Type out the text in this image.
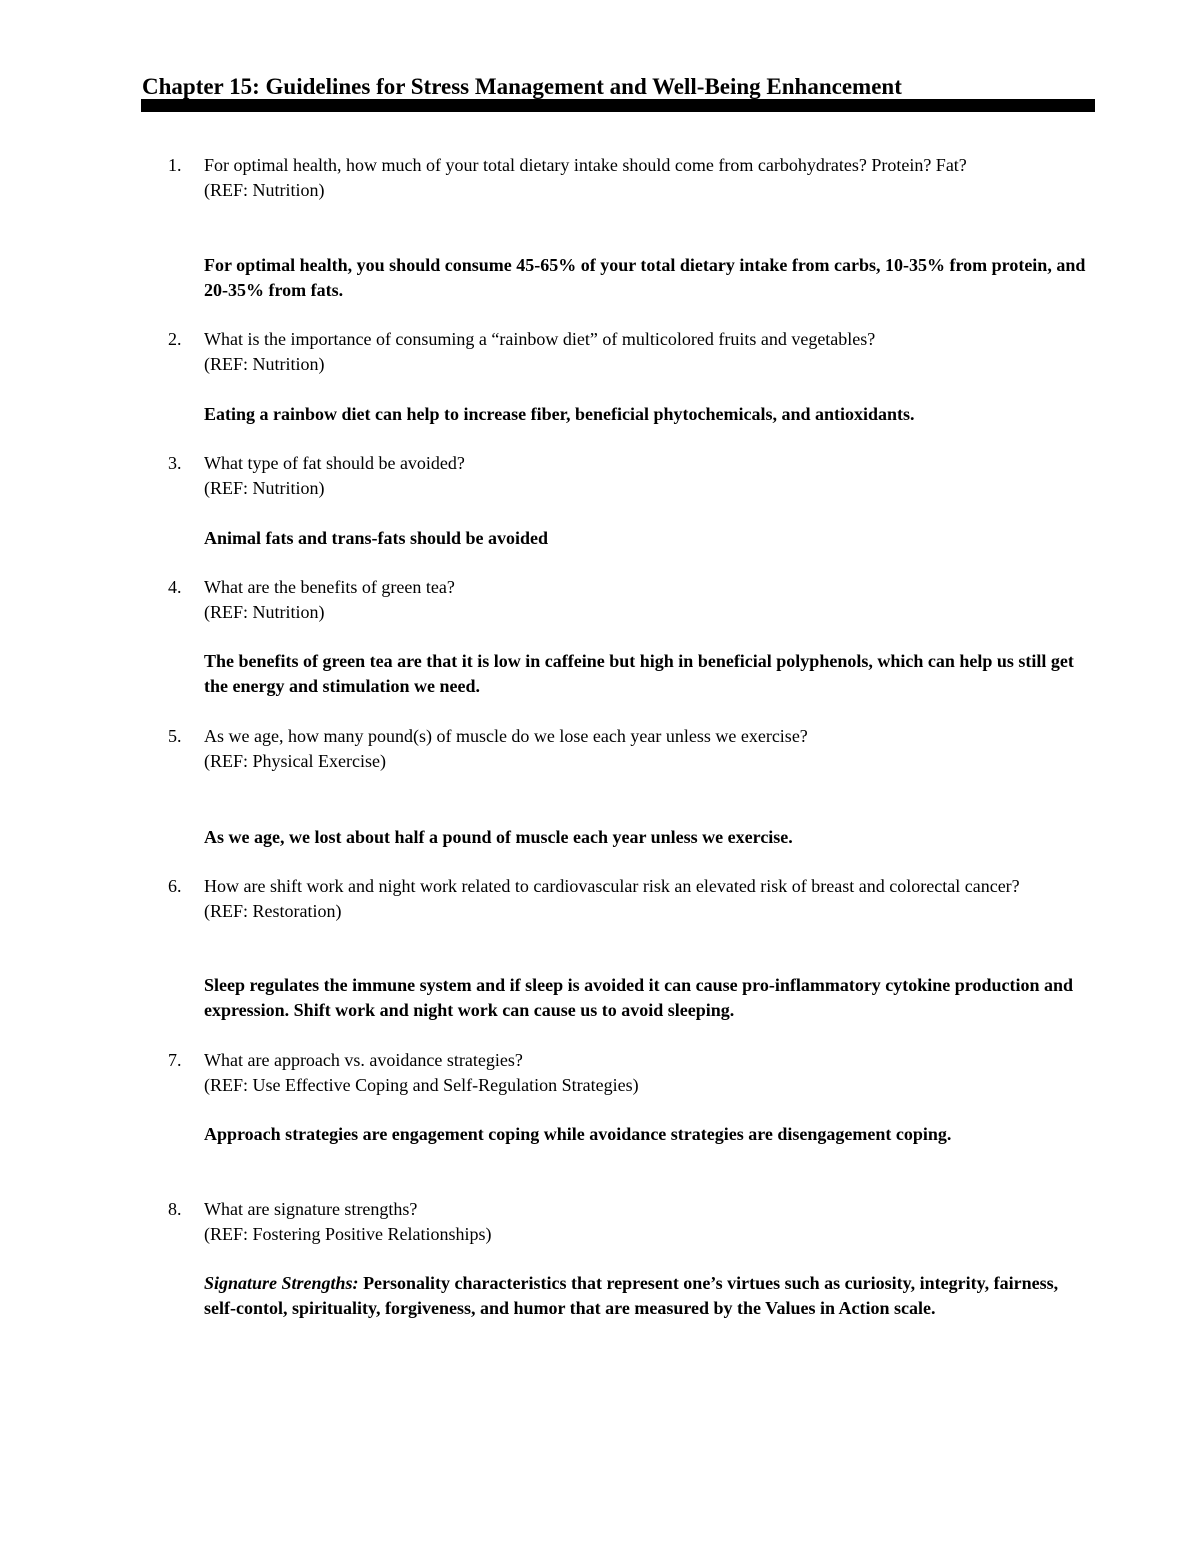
Chapter 15: Guidelines for Stress Management and Well-Being Enhancement
1. For optimal health, how much of your total dietary intake should come from carbohydrates? Protein? Fat?
(REF: Nutrition)
For optimal health, you should consume 45-65% of your total dietary intake from carbs, 10-35% from protein, and 20-35% from fats.
2. What is the importance of consuming a “rainbow diet” of multicolored fruits and vegetables?
(REF: Nutrition)
Eating a rainbow diet can help to increase fiber, beneficial phytochemicals, and antioxidants.
3. What type of fat should be avoided?
(REF: Nutrition)
Animal fats and trans-fats should be avoided
4. What are the benefits of green tea?
(REF: Nutrition)
The benefits of green tea are that it is low in caffeine but high in beneficial polyphenols, which can help us still get the energy and stimulation we need.
5. As we age, how many pound(s) of muscle do we lose each year unless we exercise?
(REF: Physical Exercise)
As we age, we lost about half a pound of muscle each year unless we exercise.
6. How are shift work and night work related to cardiovascular risk an elevated risk of breast and colorectal cancer?
(REF: Restoration)
Sleep regulates the immune system and if sleep is avoided it can cause pro-inflammatory cytokine production and expression. Shift work and night work can cause us to avoid sleeping.
7. What are approach vs. avoidance strategies?
(REF: Use Effective Coping and Self-Regulation Strategies)
Approach strategies are engagement coping while avoidance strategies are disengagement coping.
8. What are signature strengths?
(REF: Fostering Positive Relationships)
Signature Strengths: Personality characteristics that represent one’s virtues such as curiosity, integrity, fairness, self-contol, spirituality, forgiveness, and humor that are measured by the Values in Action scale.
